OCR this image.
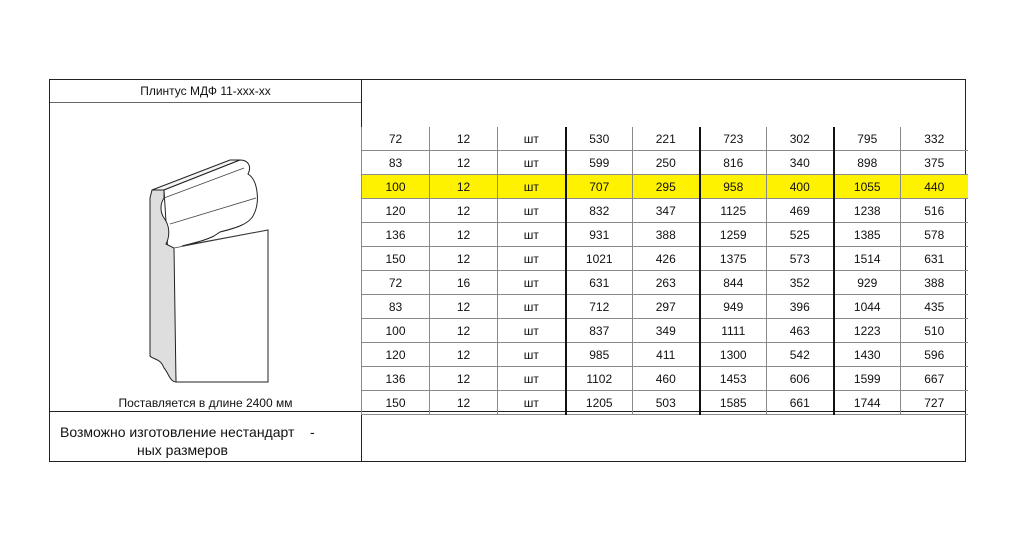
Плинтус МДФ 11-xxx-xx
Поставляется в длине 2400 мм
Возможно изготовление нестандарт    -
ных размеров
72	12	шт	530	221	723	302	795	332
83	12	шт	599	250	816	340	898	375
100	12	шт	707	295	958	400	1055	440
120	12	шт	832	347	1125	469	1238	516
136	12	шт	931	388	1259	525	1385	578
150	12	шт	1021	426	1375	573	1514	631
72	16	шт	631	263	844	352	929	388
83	12	шт	712	297	949	396	1044	435
100	12	шт	837	349	1111	463	1223	510
120	12	шт	985	411	1300	542	1430	596
136	12	шт	1102	460	1453	606	1599	667
150	12	шт	1205	503	1585	661	1744	727
